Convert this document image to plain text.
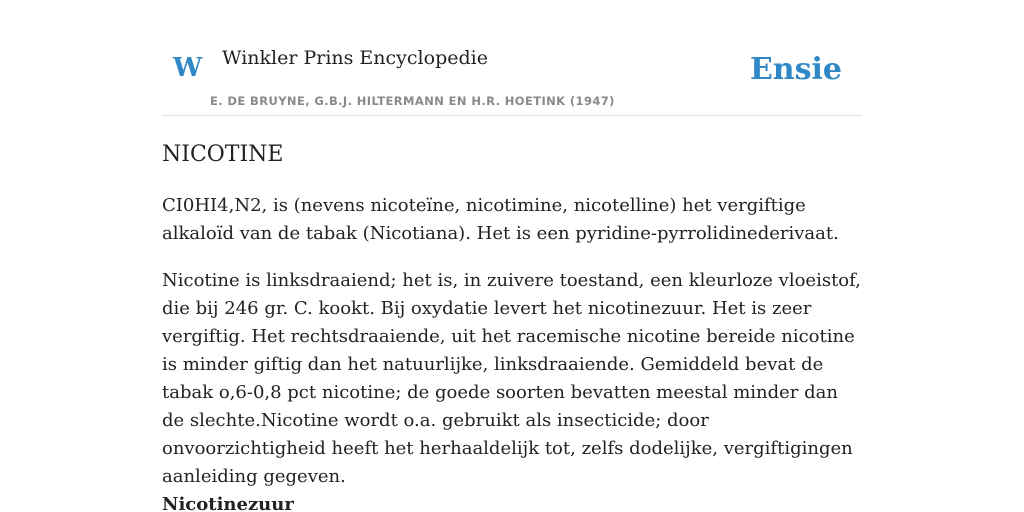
W Winkler Prins Encyclopedie
E. DE BRUYNE, G.B.J. HILTERMANN EN H.R. HOETINK (1947)
Ensie
NICOTINE

CI0HI4,N2, is (nevens nicoteïne, nicotimine, nicotelline) het vergiftige alkaloïd van de tabak (Nicotiana). Het is een pyridine-pyrrolidinederivaat.

Nicotine is linksdraaiend; het is, in zuivere toestand, een kleurloze vloeistof, die bij 246 gr. C. kookt. Bij oxydatie levert het nicotinezuur. Het is zeer vergiftig. Het rechtsdraaiende, uit het racemische nicotine bereide nicotine is minder giftig dan het natuurlijke, linksdraaiende. Gemiddeld bevat de tabak o,6-0,8 pct nicotine; de goede soorten bevatten meestal minder dan de slechte.Nicotine wordt o.a. gebruikt als insecticide; door onvoorzichtigheid heeft het herhaaldelijk tot, zelfs dodelijke, vergiftigingen aanleiding gegeven.

Nicotinezuur
